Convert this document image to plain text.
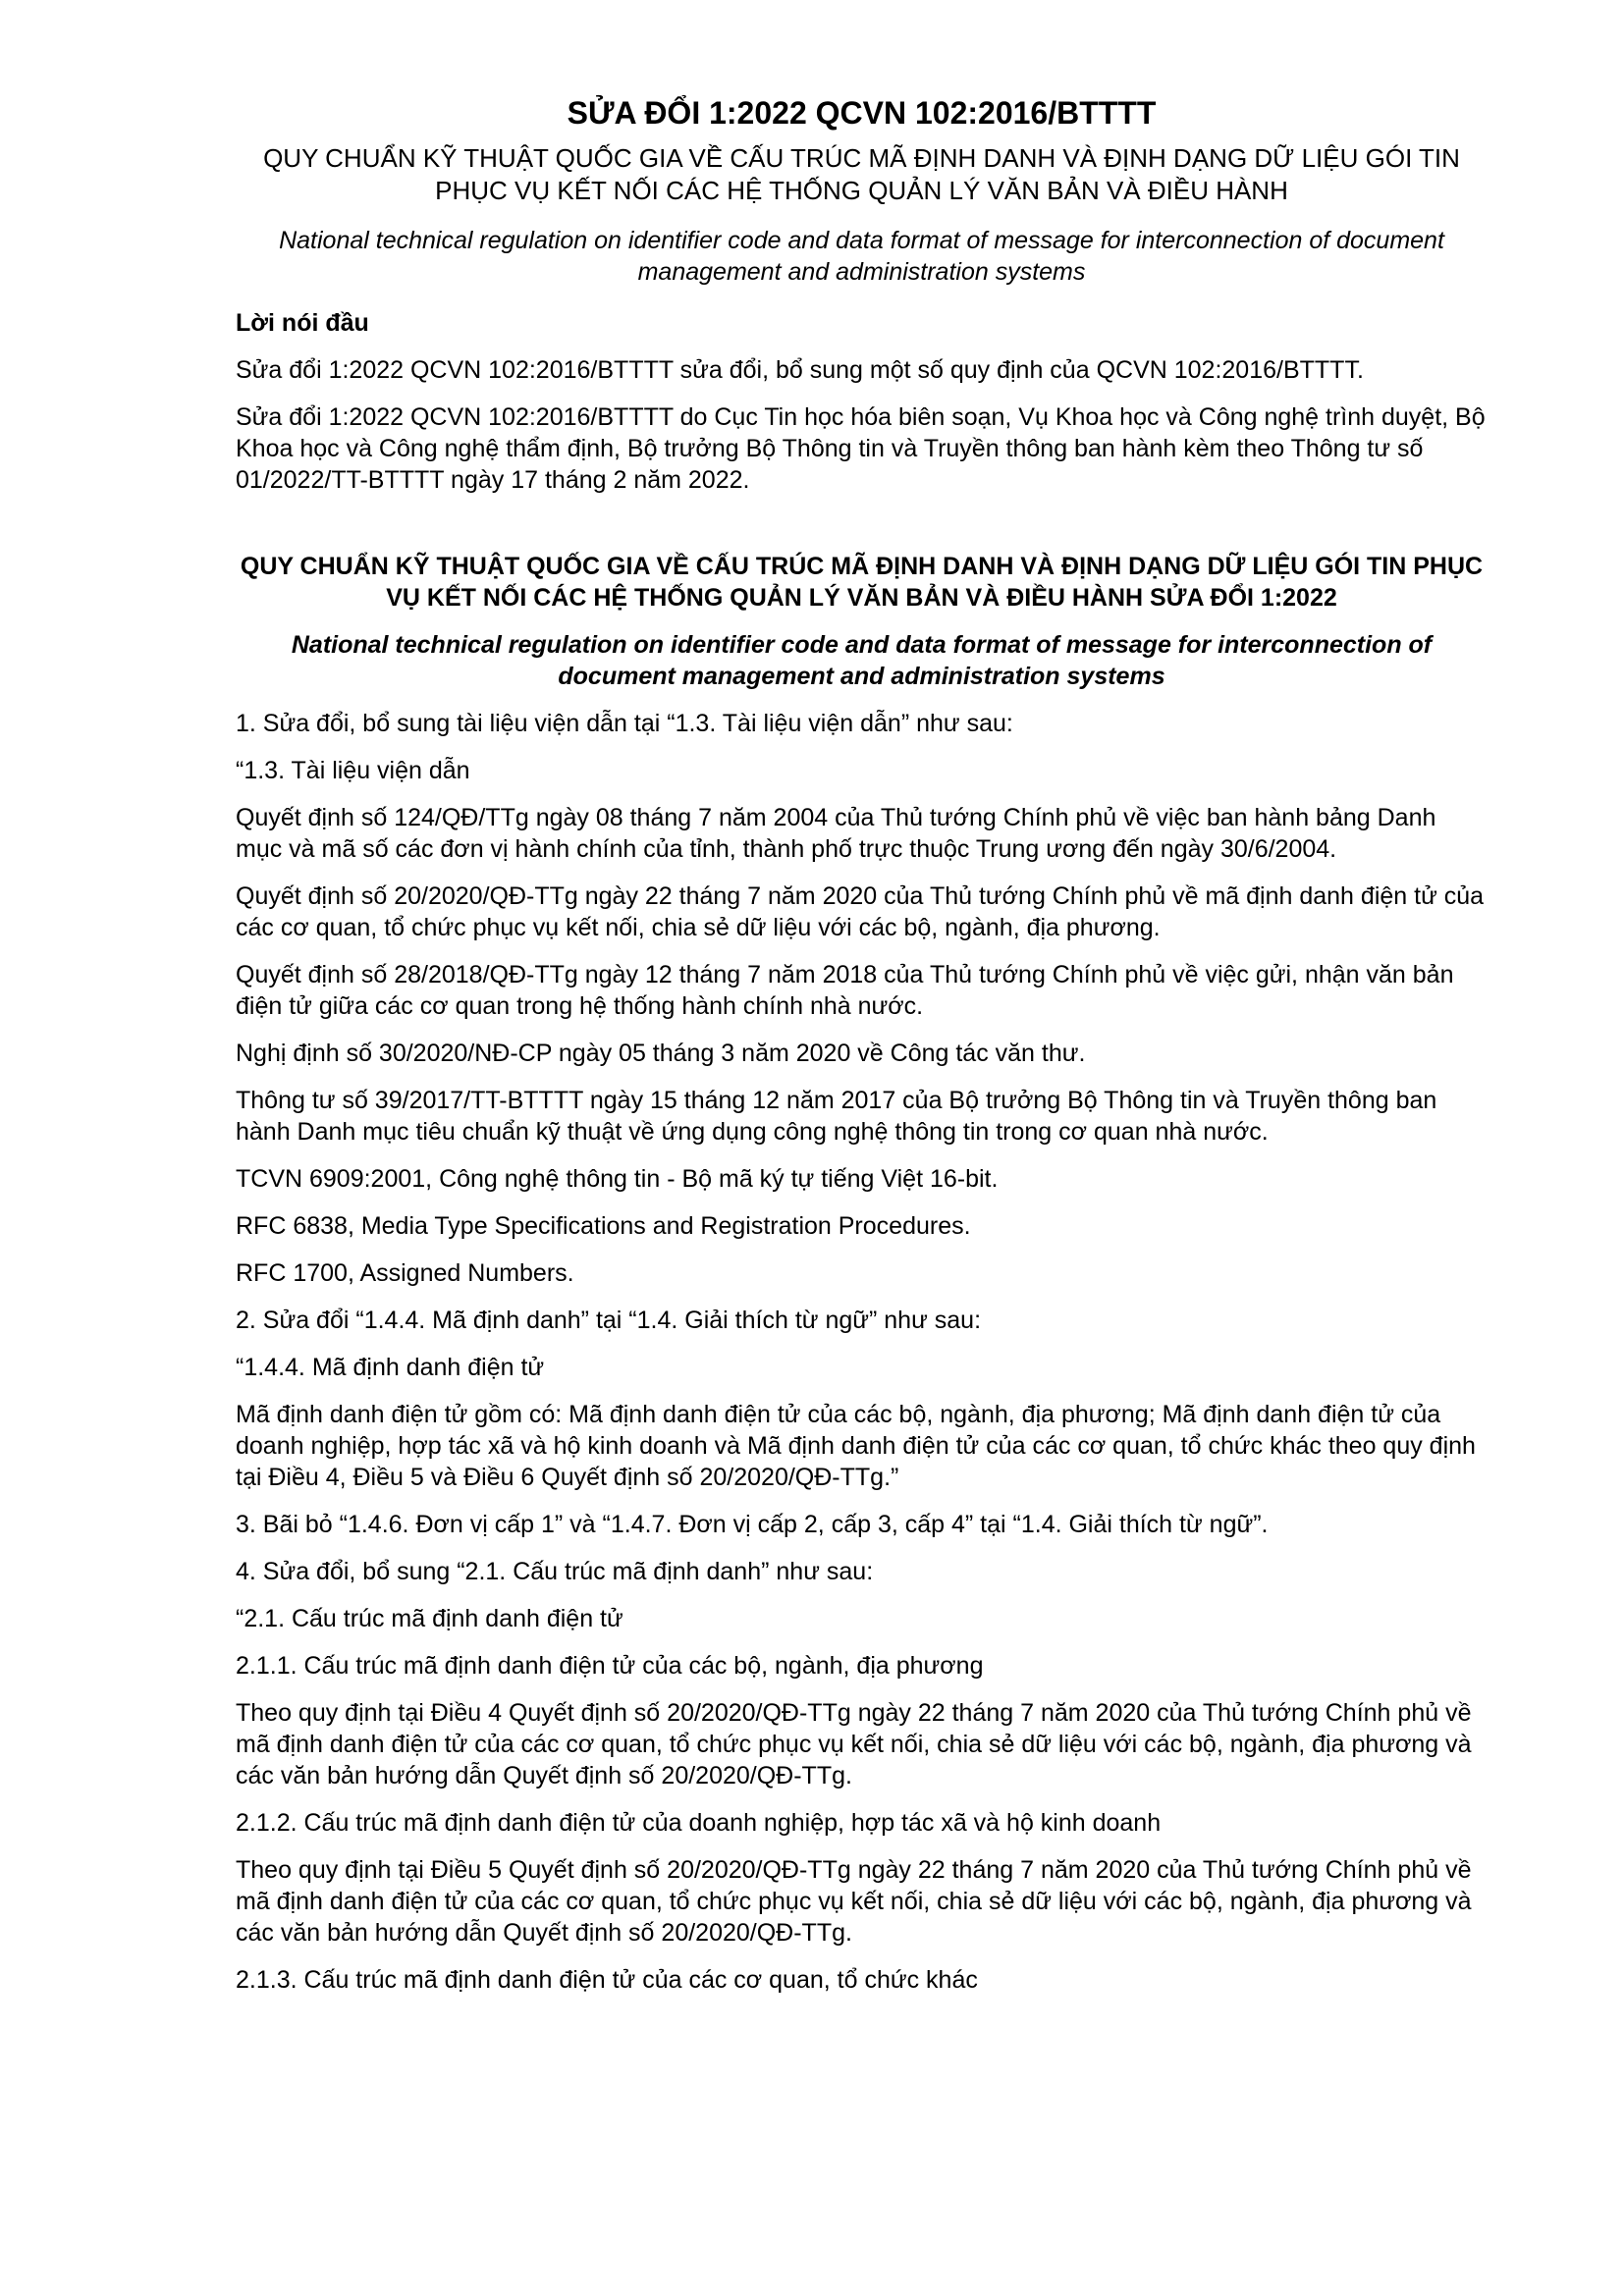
SỬA ĐỔI 1:2022 QCVN 102:2016/BTTTT
QUY CHUẨN KỸ THUẬT QUỐC GIA VỀ CẤU TRÚC MÃ ĐỊNH DANH VÀ ĐỊNH DẠNG DỮ LIỆU GÓI TIN PHỤC VỤ KẾT NỐI CÁC HỆ THỐNG QUẢN LÝ VĂN BẢN VÀ ĐIỀU HÀNH
National technical regulation on identifier code and data format of message for interconnection of document management and administration systems
Lời nói đầu

Sửa đổi 1:2022 QCVN 102:2016/BTTTT sửa đổi, bổ sung một số quy định của QCVN 102:2016/BTTTT.

Sửa đổi 1:2022 QCVN 102:2016/BTTTT do Cục Tin học hóa biên soạn, Vụ Khoa học và Công nghệ trình duyệt, Bộ Khoa học và Công nghệ thẩm định, Bộ trưởng Bộ Thông tin và Truyền thông ban hành kèm theo Thông tư số 01/2022/TT-BTTTT ngày 17 tháng 2 năm 2022.

QUY CHUẨN KỸ THUẬT QUỐC GIA VỀ CẤU TRÚC MÃ ĐỊNH DANH VÀ ĐỊNH DẠNG DỮ LIỆU GÓI TIN PHỤC VỤ KẾT NỐI CÁC HỆ THỐNG QUẢN LÝ VĂN BẢN VÀ ĐIỀU HÀNH SỬA ĐỔI 1:2022
National technical regulation on identifier code and data format of message for interconnection of document management and administration systems

1. Sửa đổi, bổ sung tài liệu viện dẫn tại “1.3. Tài liệu viện dẫn” như sau:

“1.3. Tài liệu viện dẫn

Quyết định số 124/QĐ/TTg ngày 08 tháng 7 năm 2004 của Thủ tướng Chính phủ về việc ban hành bảng Danh mục và mã số các đơn vị hành chính của tỉnh, thành phố trực thuộc Trung ương đến ngày 30/6/2004.

Quyết định số 20/2020/QĐ-TTg ngày 22 tháng 7 năm 2020 của Thủ tướng Chính phủ về mã định danh điện tử của các cơ quan, tổ chức phục vụ kết nối, chia sẻ dữ liệu với các bộ, ngành, địa phương.

Quyết định số 28/2018/QĐ-TTg ngày 12 tháng 7 năm 2018 của Thủ tướng Chính phủ về việc gửi, nhận văn bản điện tử giữa các cơ quan trong hệ thống hành chính nhà nước.

Nghị định số 30/2020/NĐ-CP ngày 05 tháng 3 năm 2020 về Công tác văn thư.

Thông tư số 39/2017/TT-BTTTT ngày 15 tháng 12 năm 2017 của Bộ trưởng Bộ Thông tin và Truyền thông ban hành Danh mục tiêu chuẩn kỹ thuật về ứng dụng công nghệ thông tin trong cơ quan nhà nước.

TCVN 6909:2001, Công nghệ thông tin - Bộ mã ký tự tiếng Việt 16-bit.

RFC 6838, Media Type Specifications and Registration Procedures.

RFC 1700, Assigned Numbers.

2. Sửa đổi “1.4.4. Mã định danh” tại “1.4. Giải thích từ ngữ” như sau:

“1.4.4. Mã định danh điện tử

Mã định danh điện tử gồm có: Mã định danh điện tử của các bộ, ngành, địa phương; Mã định danh điện tử của doanh nghiệp, hợp tác xã và hộ kinh doanh và Mã định danh điện tử của các cơ quan, tổ chức khác theo quy định tại Điều 4, Điều 5 và Điều 6 Quyết định số 20/2020/QĐ-TTg.”

3. Bãi bỏ “1.4.6. Đơn vị cấp 1” và “1.4.7. Đơn vị cấp 2, cấp 3, cấp 4” tại “1.4. Giải thích từ ngữ”.

4. Sửa đổi, bổ sung “2.1. Cấu trúc mã định danh” như sau:

“2.1. Cấu trúc mã định danh điện tử

2.1.1. Cấu trúc mã định danh điện tử của các bộ, ngành, địa phương

Theo quy định tại Điều 4 Quyết định số 20/2020/QĐ-TTg ngày 22 tháng 7 năm 2020 của Thủ tướng Chính phủ về mã định danh điện tử của các cơ quan, tổ chức phục vụ kết nối, chia sẻ dữ liệu với các bộ, ngành, địa phương và các văn bản hướng dẫn Quyết định số 20/2020/QĐ-TTg.

2.1.2. Cấu trúc mã định danh điện tử của doanh nghiệp, hợp tác xã và hộ kinh doanh

Theo quy định tại Điều 5 Quyết định số 20/2020/QĐ-TTg ngày 22 tháng 7 năm 2020 của Thủ tướng Chính phủ về mã định danh điện tử của các cơ quan, tổ chức phục vụ kết nối, chia sẻ dữ liệu với các bộ, ngành, địa phương và các văn bản hướng dẫn Quyết định số 20/2020/QĐ-TTg.

2.1.3. Cấu trúc mã định danh điện tử của các cơ quan, tổ chức khác
